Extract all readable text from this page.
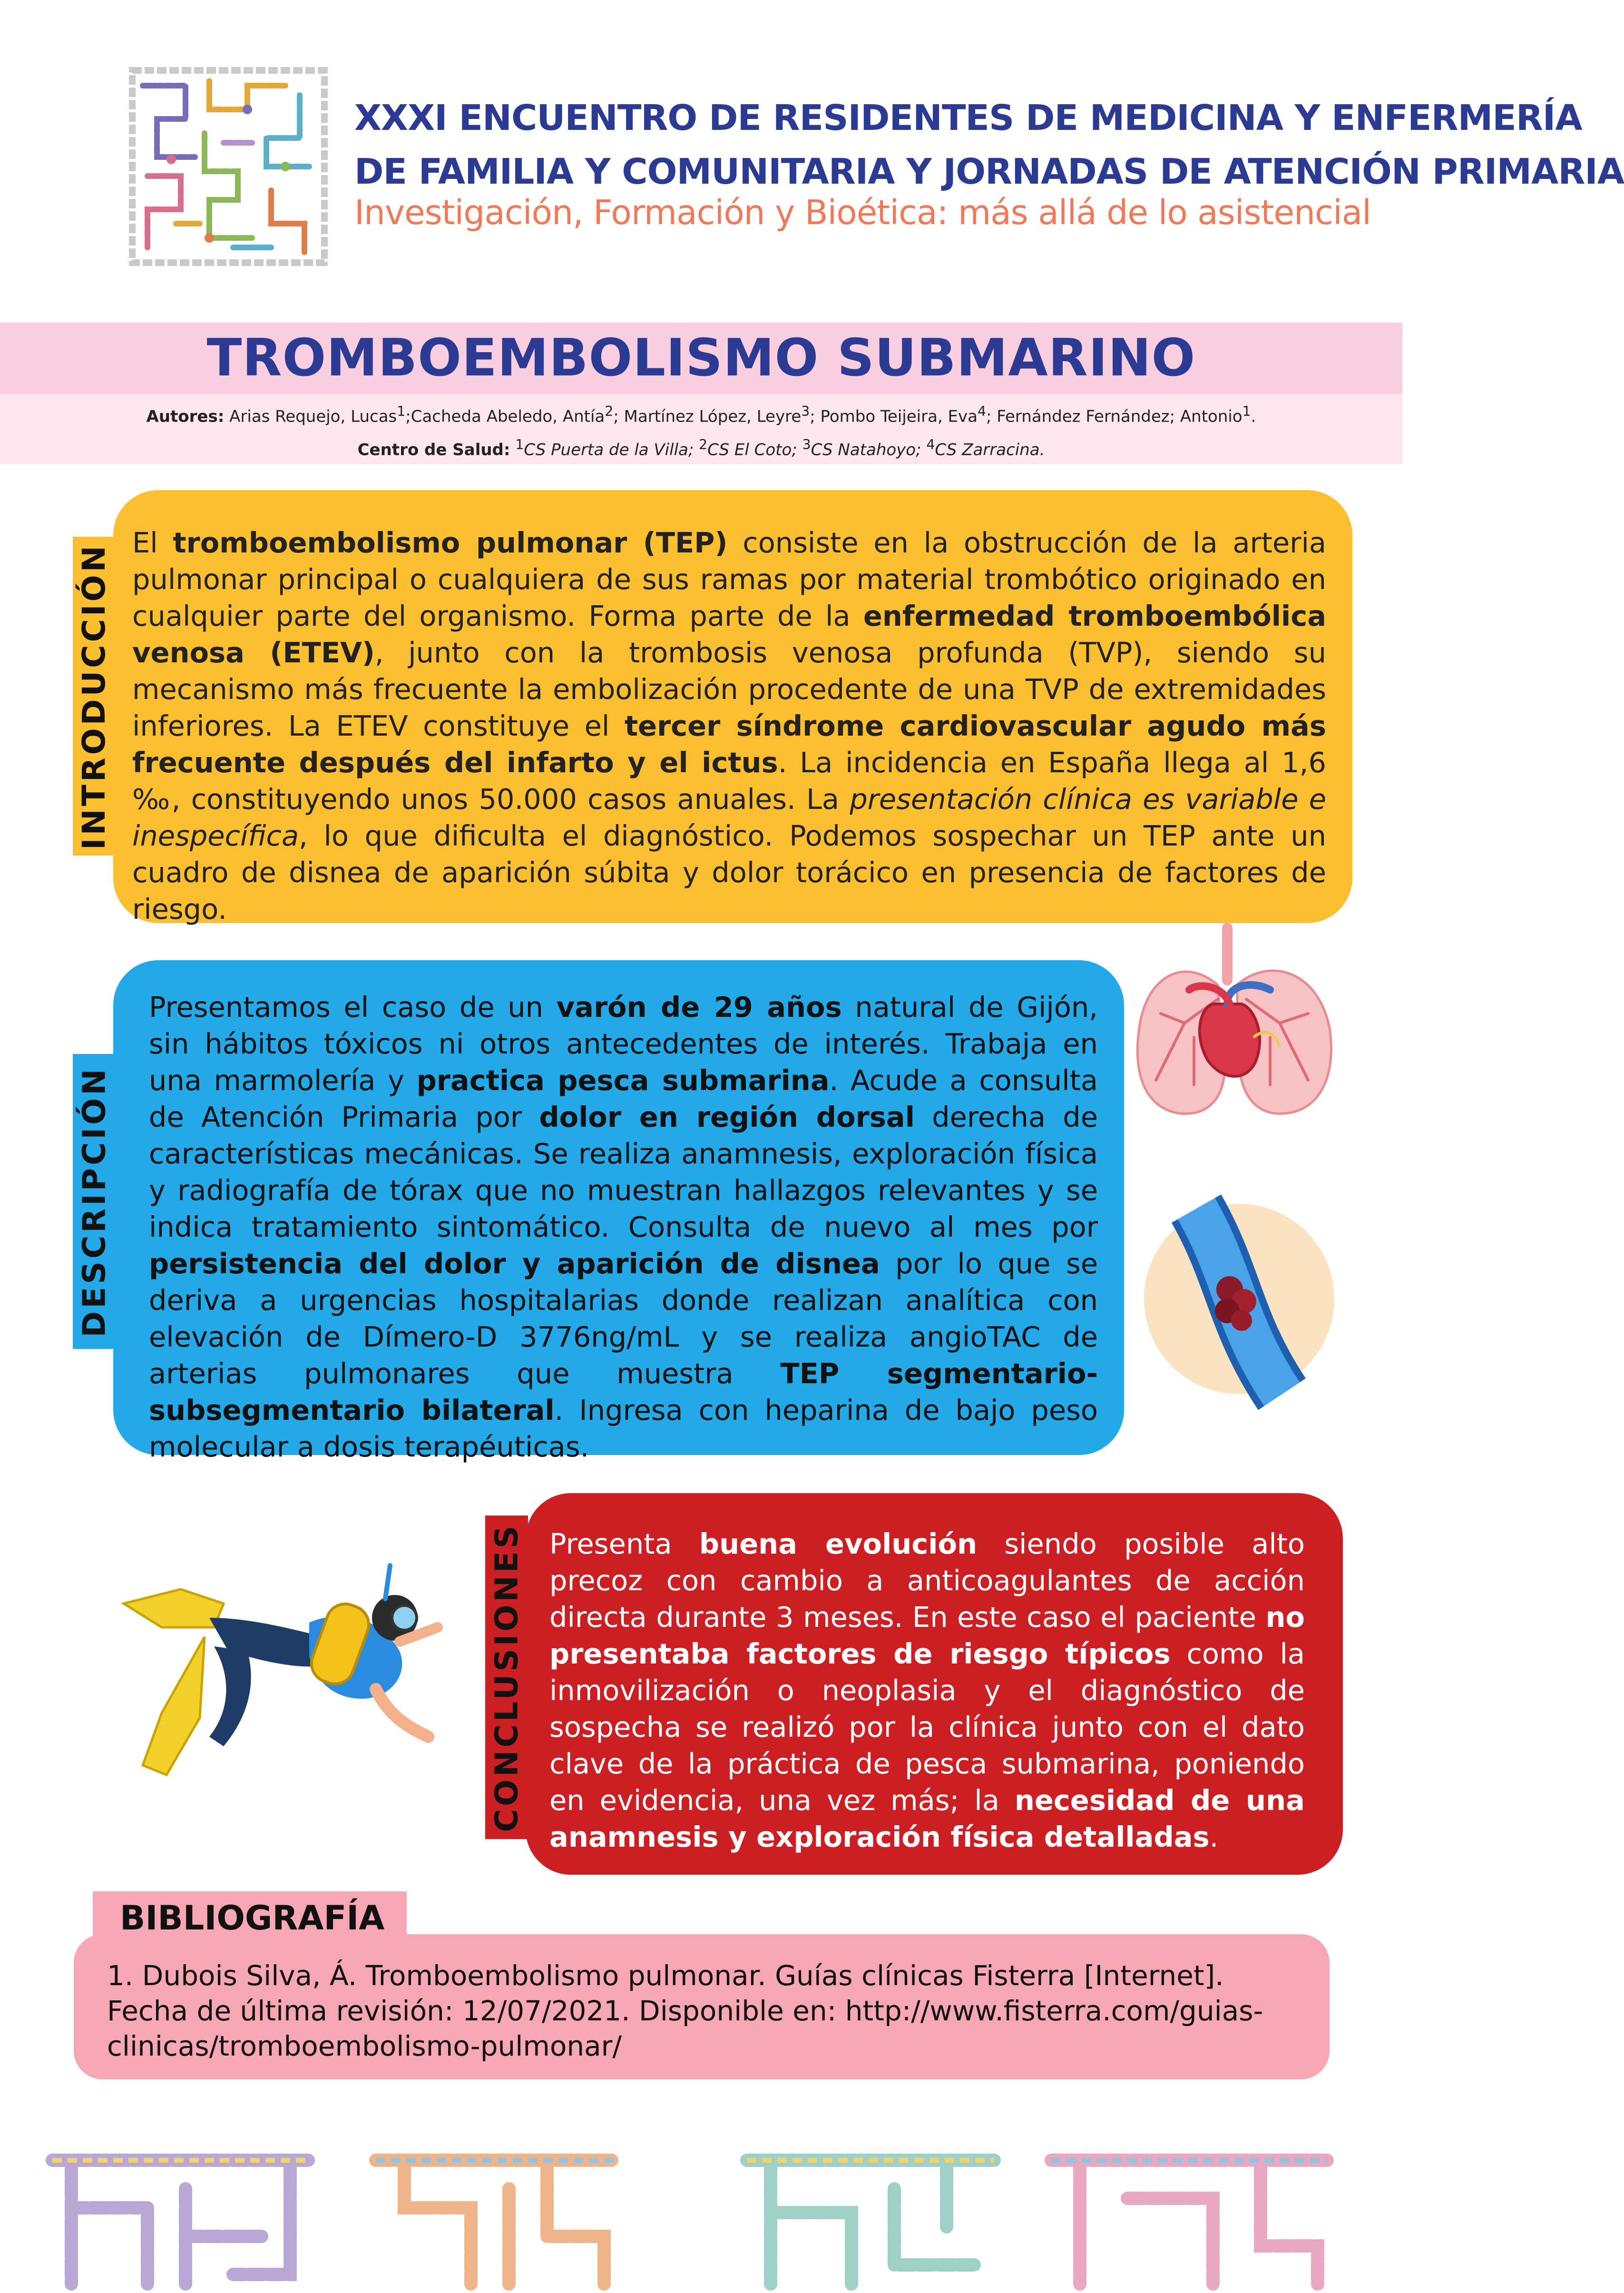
XXXI ENCUENTRO DE RESIDENTES DE MEDICINA Y ENFERMERÍA
DE FAMILIA Y COMUNITARIA Y JORNADAS DE ATENCIÓN PRIMARIA
Investigación, Formación y Bioética: más allá de lo asistencial
TROMBOEMBOLISMO SUBMARINO
Autores: Arias Requejo, Lucas$^1$;Cacheda Abeledo, Antía$^2$; Martínez López, Leyre$^3$; Pombo Teijeira, Eva$^4$; Fernández Fernández; Antonio$^1$.
Centro de Salud: $^1$CS Puerta de la Villa; $^2$CS El Coto; $^3$CS Natahoyo; $^4$CS Zarracina.
INTRODUCCIÓN

El tromboembolismo pulmonar (TEP) consiste en la obstrucción de la arteria pulmonar principal o cualquiera de sus ramas por material trombótico originado en cualquier parte del organismo. Forma parte de la enfermedad tromboembólica venosa (ETEV), junto con la trombosis venosa profunda (TVP), siendo su mecanismo más frecuente la embolización procedente de una TVP de extremidades inferiores. La ETEV constituye el tercer síndrome cardiovascular agudo más frecuente después del infarto y el ictus. La incidencia en España llega al 1,6 ‰, constituyendo unos 50.000 casos anuales. La presentación clínica es variable e inespecífica, lo que dificulta el diagnóstico. Podemos sospechar un TEP ante un cuadro de disnea de aparición súbita y dolor torácico en presencia de factores de riesgo.

DESCRIPCIÓN

Presentamos el caso de un varón de 29 años natural de Gijón, sin hábitos tóxicos ni otros antecedentes de interés. Trabaja en una marmolería y practica pesca submarina. Acude a consulta de Atención Primaria por dolor en región dorsal derecha de características mecánicas. Se realiza anamnesis, exploración física y radiografía de tórax que no muestran hallazgos relevantes y se indica tratamiento sintomático. Consulta de nuevo al mes por persistencia del dolor y aparición de disnea por lo que se deriva a urgencias hospitalarias donde realizan analítica con elevación de Dímero-D 3776ng/mL y se realiza angioTAC de arterias pulmonares que muestra TEP segmentario-subsegmentario bilateral. Ingresa con heparina de bajo peso molecular a dosis terapéuticas.

CONCLUSIONES Presenta buena evolución siendo posible alto precoz con cambio a anticoagulantes de acción directa durante 3 meses. En este caso el paciente no presentaba factores de riesgo típicos como la inmovilización o neoplasia y el diagnóstico de sospecha se realizó por la clínica junto con el dato clave de la práctica de pesca submarina, poniendo en evidencia, una vez más; la necesidad de una anamnesis y exploración física detalladas.

1. Dubois Silva, Á. Tromboembolismo pulmonar. Guías clínicas Fisterra [Internet]. Fecha de última revisión: 12/07/2021. Disponible en: http://www.fisterra.com/guias-clinicas/tromboembolismo-pulmonar/
BIBLIOGRAFÍA
